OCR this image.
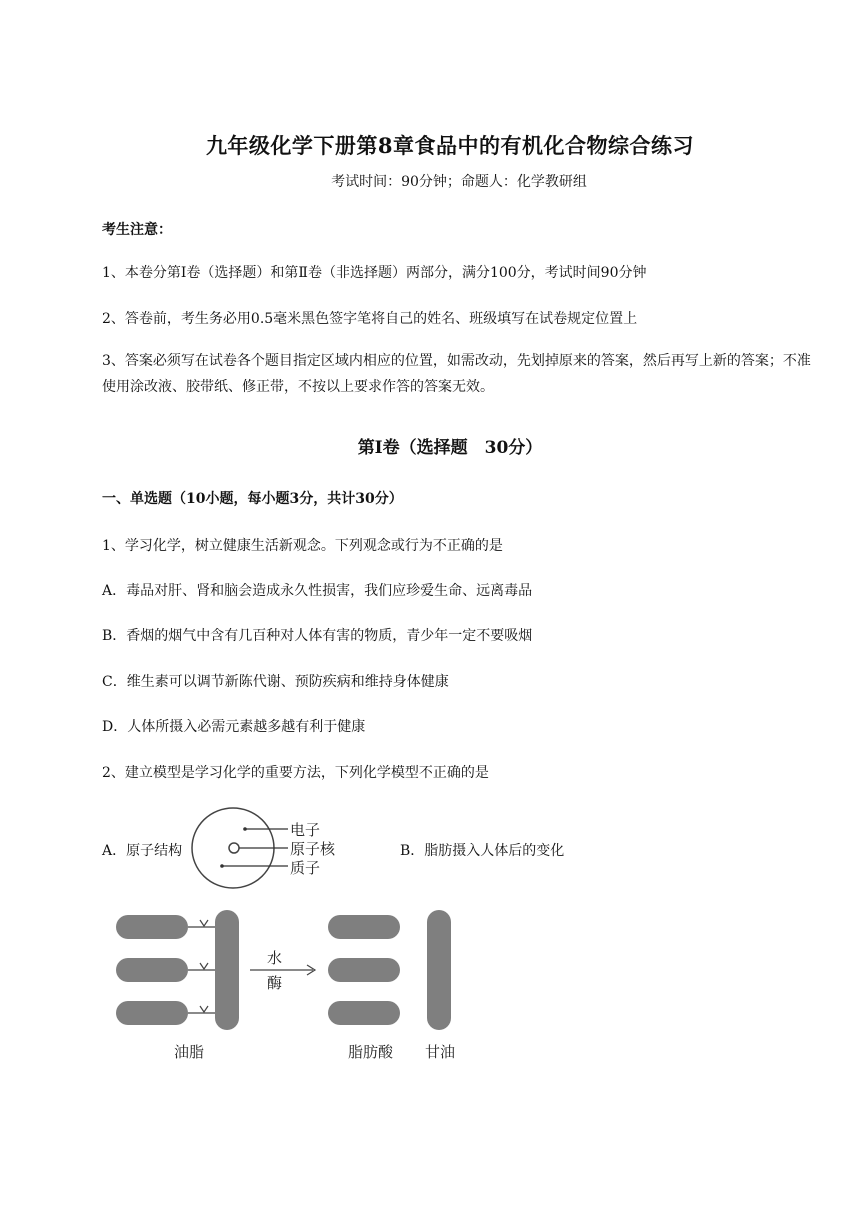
九年级化学下册第8章食品中的有机化合物综合练习
考试时间：90分钟；命题人：化学教研组
考生注意：
1、本卷分第Ⅰ卷（选择题）和第Ⅱ卷（非选择题）两部分，满分100分，考试时间90分钟
2、答卷前，考生务必用0.5毫米黑色签字笔将自己的姓名、班级填写在试卷规定位置上
3、答案必须写在试卷各个题目指定区域内相应的位置，如需改动，先划掉原来的答案，然后再写上新的答案；不准使用涂改液、胶带纸、修正带，不按以上要求作答的答案无效。
第Ⅰ卷（选择题　30分）
一、单选题（10小题，每小题3分，共计30分）
1、学习化学，树立健康生活新观念。下列观念或行为不正确的是
A．毒品对肝、肾和脑会造成永久性损害，我们应珍爱生命、远离毒品
B．香烟的烟气中含有几百种对人体有害的物质，青少年一定不要吸烟
C．维生素可以调节新陈代谢、预防疾病和维持身体健康
D．人体所摄入必需元素越多越有利于健康
2、建立模型是学习化学的重要方法，下列化学模型不正确的是
A．原子结构	B．脂肪摄入人体后的变化
电子
原子核
质子
水
酶
油脂	脂肪酸 甘油
